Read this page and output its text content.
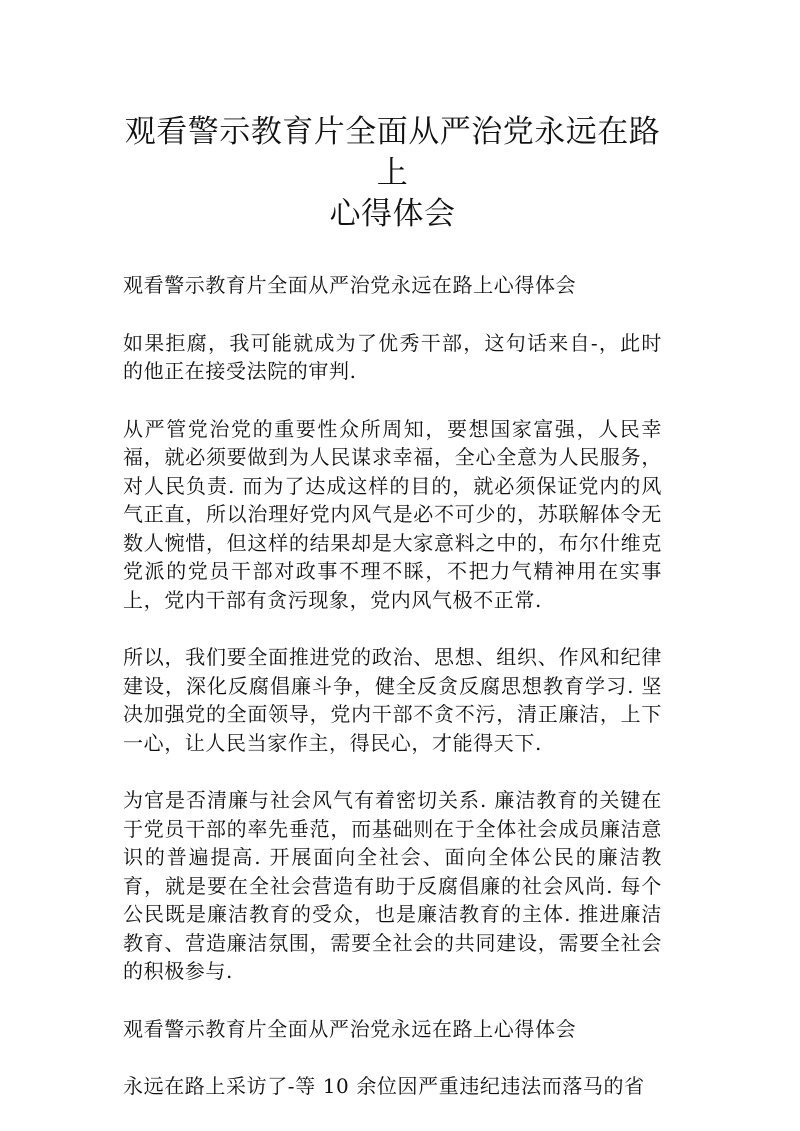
观看警示教育片全面从严治党永远在路上
心得体会

观看警示教育片全面从严治党永远在路上心得体会

如果拒腐，我可能就成为了优秀干部，这句话来自-，此时的他正在接受法院的审判.

从严管党治党的重要性众所周知，要想国家富强，人民幸福，就必须要做到为人民谋求幸福，全心全意为人民服务，对人民负责. 而为了达成这样的目的，就必须保证党内的风气正直，所以治理好党内风气是必不可少的，苏联解体令无数人惋惜，但这样的结果却是大家意料之中的，布尔什维克党派的党员干部对政事不理不睬，不把力气精神用在实事上，党内干部有贪污现象，党内风气极不正常.

所以，我们要全面推进党的政治、思想、组织、作风和纪律建设，深化反腐倡廉斗争，健全反贪反腐思想教育学习. 坚决加强党的全面领导，党内干部不贪不污，清正廉洁，上下一心，让人民当家作主，得民心，才能得天下.

为官是否清廉与社会风气有着密切关系. 廉洁教育的关键在于党员干部的率先垂范，而基础则在于全体社会成员廉洁意识的普遍提高. 开展面向全社会、面向全体公民的廉洁教育，就是要在全社会营造有助于反腐倡廉的社会风尚. 每个公民既是廉洁教育的受众，也是廉洁教育的主体. 推进廉洁教育、营造廉洁氛围，需要全社会的共同建设，需要全社会的积极参与.

观看警示教育片全面从严治党永远在路上心得体会

永远在路上采访了-等 10 余位因严重违纪违法而落马的省
